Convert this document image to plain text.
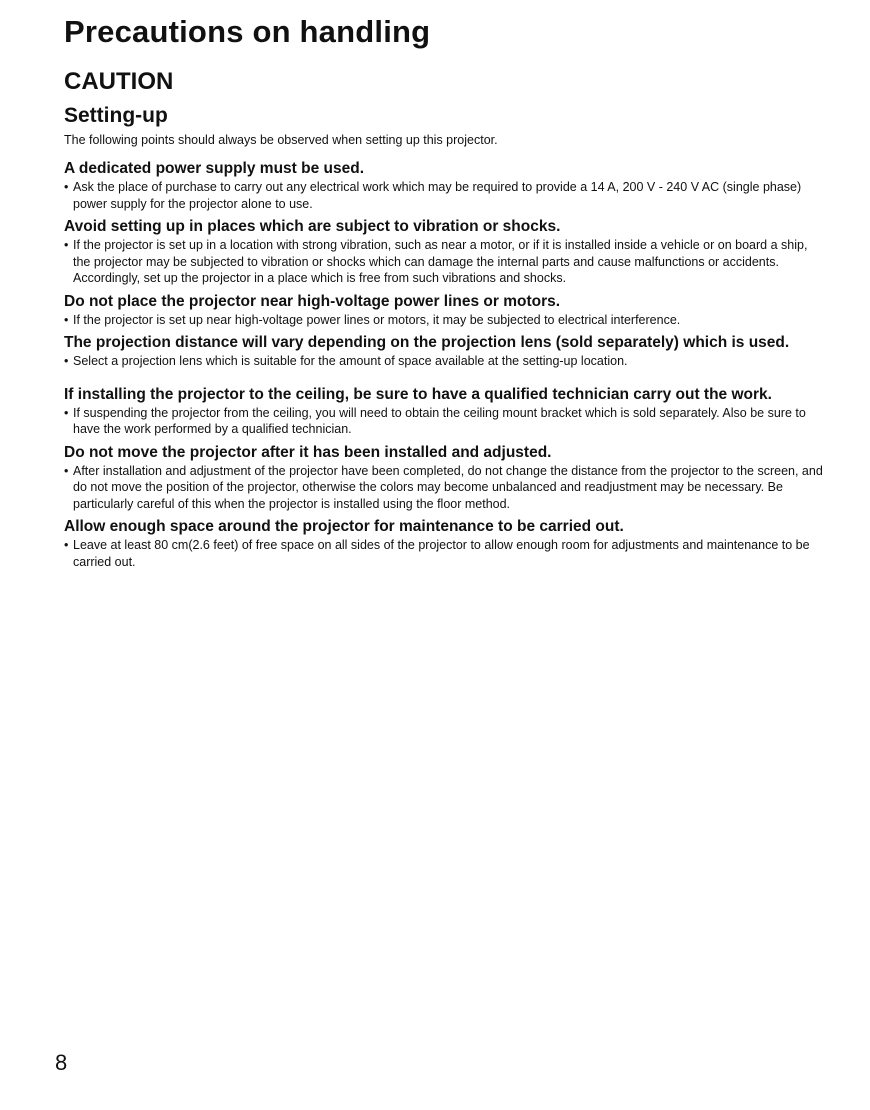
Precautions on handling
CAUTION
Setting-up

The following points should always be observed when setting up this projector.

A dedicated power supply must be used.

• Ask the place of purchase to carry out any electrical work which may be required to provide a 14 A, 200 V - 240 V AC (single phase) power supply for the projector alone to use.

Avoid setting up in places which are subject to vibration or shocks.

• If the projector is set up in a location with strong vibration, such as near a motor, or if it is installed inside a vehicle or on board a ship, the projector may be subjected to vibration or shocks which can damage the internal parts and cause malfunctions or accidents. Accordingly, set up the projector in a place which is free from such vibrations and shocks.

Do not place the projector near high-voltage power lines or motors.

• If the projector is set up near high-voltage power lines or motors, it may be subjected to electrical interference.

The projection distance will vary depending on the projection lens (sold separately) which is used.

• Select a projection lens which is suitable for the amount of space available at the setting-up location.

If installing the projector to the ceiling, be sure to have a qualified technician carry out the work.

• If suspending the projector from the ceiling, you will need to obtain the ceiling mount bracket which is sold separately. Also be sure to have the work performed by a qualified technician.

Do not move the projector after it has been installed and adjusted.

• After installation and adjustment of the projector have been completed, do not change the distance from the projector to the screen, and do not move the position of the projector, otherwise the colors may become unbalanced and readjustment may be necessary. Be particularly careful of this when the projector is installed using the floor method.

Allow enough space around the projector for maintenance to be carried out.

• Leave at least 80 cm(2.6 feet) of free space on all sides of the projector to allow enough room for adjustments and maintenance to be carried out.

8
